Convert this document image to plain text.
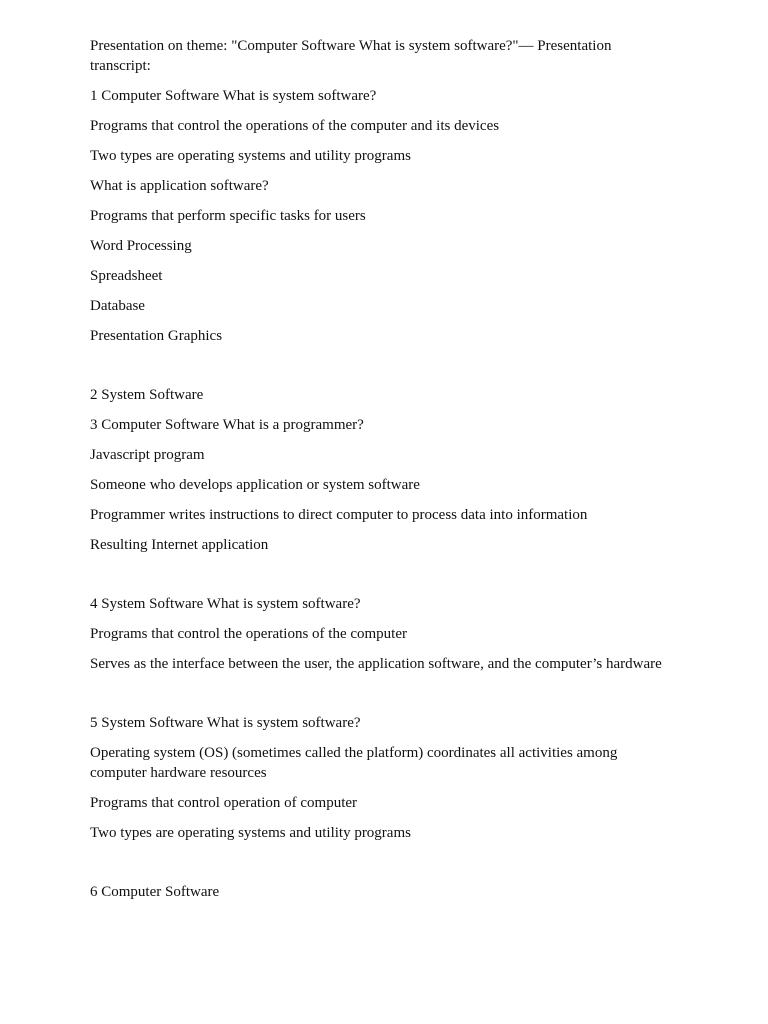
Presentation on theme: "Computer Software What is system software?"— Presentation transcript:

1 Computer Software What is system software?

Programs that control the operations of the computer and its devices

Two types are operating systems and utility programs

What is application software?

Programs that perform specific tasks for users

Word Processing

Spreadsheet

Database

Presentation Graphics

2 System Software

3 Computer Software What is a programmer?

Javascript program

Someone who develops application or system software

Programmer writes instructions to direct computer to process data into information

Resulting Internet application

4 System Software What is system software?

Programs that control the operations of the computer

Serves as the interface between the user, the application software, and the computer’s hardware

5 System Software What is system software?

Operating system (OS) (sometimes called the platform) coordinates all activities among computer hardware resources

Programs that control operation of computer

Two types are operating systems and utility programs

6 Computer Software
